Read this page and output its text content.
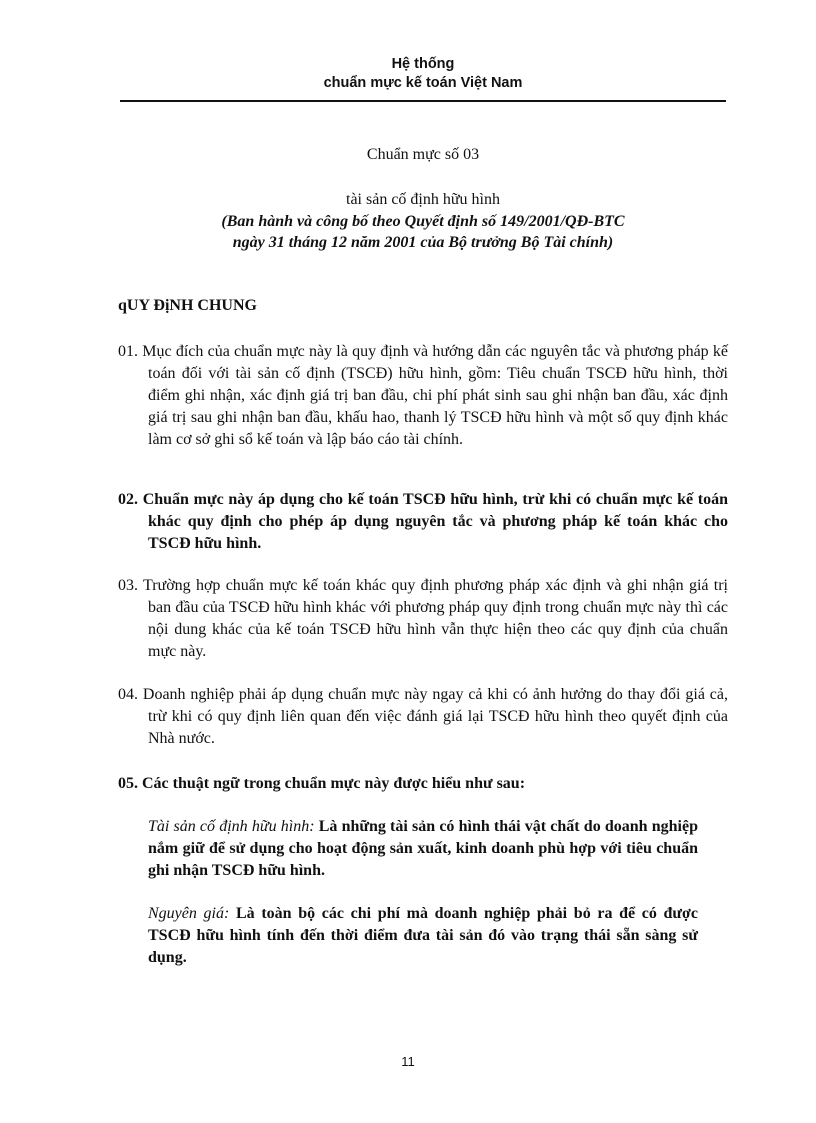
Hệ thống
chuẩn mực kế toán Việt Nam
Chuẩn mực số 03
tài sản cố định hữu hình
(Ban hành và công bố theo Quyết định số 149/2001/QĐ-BTC
ngày 31 tháng 12 năm 2001 của Bộ trưởng Bộ Tài chính)
qUY ĐịNH CHUNG
01. Mục đích của chuẩn mực này là quy định và hướng dẫn các nguyên tắc và phương pháp kế toán đối với tài sản cố định (TSCĐ) hữu hình, gồm: Tiêu chuẩn TSCĐ hữu hình, thời điểm ghi nhận, xác định giá trị ban đầu, chi phí phát sinh sau ghi nhận ban đầu, xác định giá trị sau ghi nhận ban đầu, khấu hao, thanh lý TSCĐ hữu hình và một số quy định khác làm cơ sở ghi sổ kế toán và lập báo cáo tài chính.
02. Chuẩn mực này áp dụng cho kế toán TSCĐ hữu hình, trừ khi có chuẩn mực kế toán khác quy định cho phép áp dụng nguyên tắc và phương pháp kế toán khác cho TSCĐ hữu hình.
03. Trường hợp chuẩn mực kế toán khác quy định phương pháp xác định và ghi nhận giá trị ban đầu của TSCĐ hữu hình khác với phương pháp quy định trong chuẩn mực này thì các nội dung khác của kế toán TSCĐ hữu hình vẫn thực hiện theo các quy định của chuẩn mực này.
04. Doanh nghiệp phải áp dụng chuẩn mực này ngay cả khi có ảnh hưởng do thay đổi giá cả, trừ khi có quy định liên quan đến việc đánh giá lại TSCĐ hữu hình theo quyết định của Nhà nước.
05. Các thuật ngữ trong chuẩn mực này được hiểu như sau:
Tài sản cố định hữu hình: Là những tài sản có hình thái vật chất do doanh nghiệp nắm giữ để sử dụng cho hoạt động sản xuất, kinh doanh phù hợp với tiêu chuẩn ghi nhận TSCĐ hữu hình.
Nguyên giá: Là toàn bộ các chi phí mà doanh nghiệp phải bỏ ra để có được TSCĐ hữu hình tính đến thời điểm đưa tài sản đó vào trạng thái sẵn sàng sử dụng.
11
